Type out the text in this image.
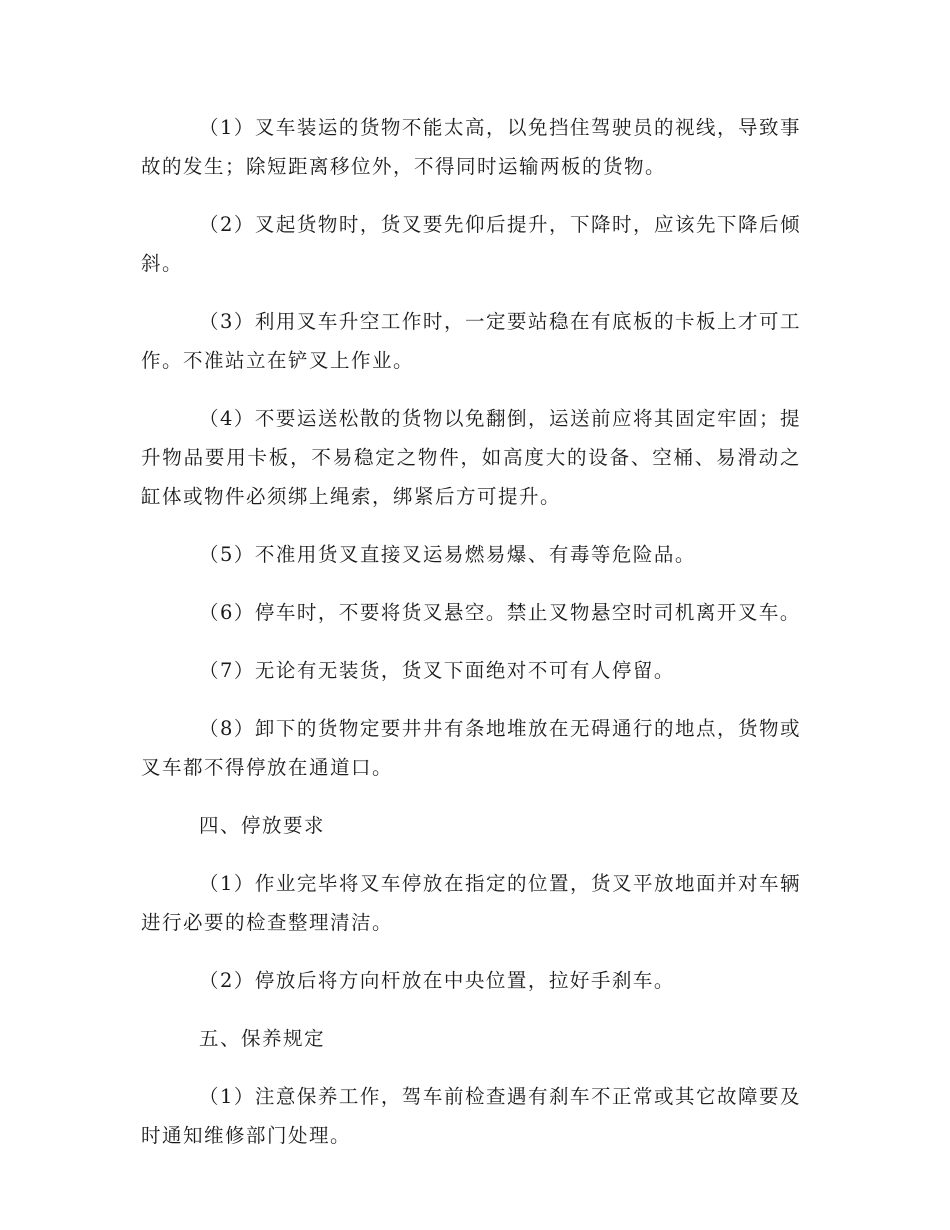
（1）叉车装运的货物不能太高，以免挡住驾驶员的视线，导致事故的发生；除短距离移位外，不得同时运输两板的货物。

（2）叉起货物时，货叉要先仰后提升，下降时，应该先下降后倾斜。

（3）利用叉车升空工作时，一定要站稳在有底板的卡板上才可工作。不准站立在铲叉上作业。

（4）不要运送松散的货物以免翻倒，运送前应将其固定牢固；提升物品要用卡板，不易稳定之物件，如高度大的设备、空桶、易滑动之缸体或物件必须绑上绳索，绑紧后方可提升。

（5）不准用货叉直接叉运易燃易爆、有毒等危险品。

（6）停车时，不要将货叉悬空。禁止叉物悬空时司机离开叉车。

（7）无论有无装货，货叉下面绝对不可有人停留。

（8）卸下的货物定要井井有条地堆放在无碍通行的地点，货物或叉车都不得停放在通道口。

四、停放要求

（1）作业完毕将叉车停放在指定的位置，货叉平放地面并对车辆进行必要的检查整理清洁。

（2）停放后将方向杆放在中央位置，拉好手刹车。

五、保养规定

（1）注意保养工作，驾车前检查遇有刹车不正常或其它故障要及时通知维修部门处理。
